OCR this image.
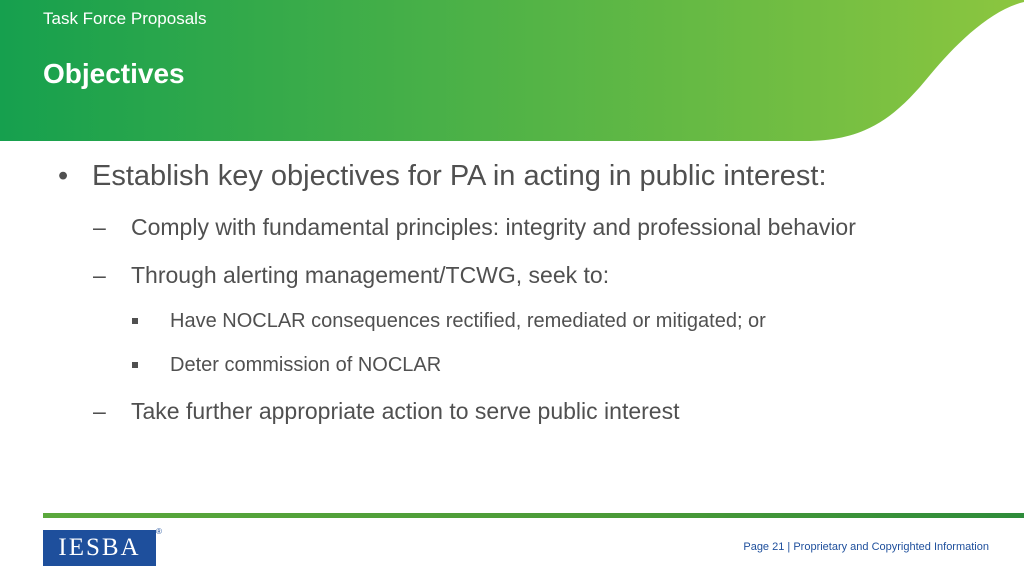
Task Force Proposals
Objectives
• Establish key objectives for PA in acting in public interest:
– Comply with fundamental principles: integrity and professional behavior
– Through alerting management/TCWG, seek to:
Have NOCLAR consequences rectified, remediated or mitigated; or
Deter commission of NOCLAR
– Take further appropriate action to serve public interest
IESBA
®
Page 21 | Proprietary and Copyrighted Information
